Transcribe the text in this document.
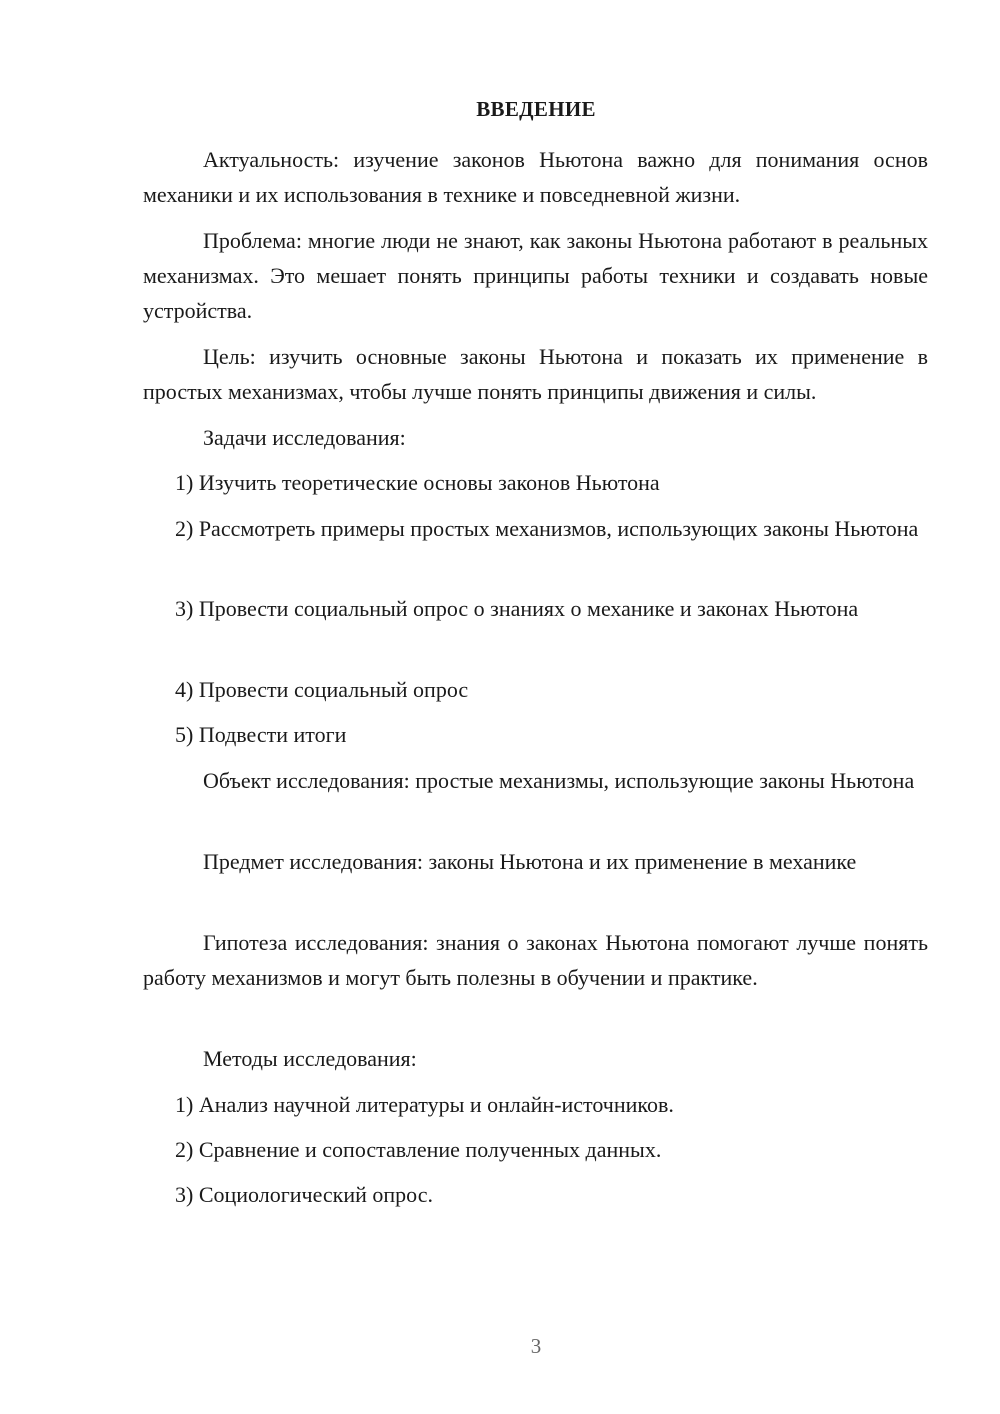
ВВЕДЕНИЕ

Актуальность: изучение законов Ньютона важно для понимания основ механики и их использования в технике и повседневной жизни.

Проблема: многие люди не знают, как законы Ньютона работают в реальных механизмах. Это мешает понять принципы работы техники и создавать новые устройства.

Цель: изучить основные законы Ньютона и показать их применение в простых механизмах, чтобы лучше понять принципы движения и силы.

Задачи исследования:

1) Изучить теоретические основы законов Ньютона

2) Рассмотреть примеры простых механизмов, использующих законы Ньютона

3) Провести социальный опрос о знаниях о механике и законах Ньютона

4) Провести социальный опрос

5) Подвести итоги

Объект исследования: простые механизмы, использующие законы Ньютона

Предмет исследования: законы Ньютона и их применение в механике

Гипотеза исследования: знания о законах Ньютона помогают лучше понять работу механизмов и могут быть полезны в обучении и практике.

Методы исследования:

1) Анализ научной литературы и онлайн-источников.

2) Сравнение и сопоставление полученных данных.

3) Социологический опрос.

3
